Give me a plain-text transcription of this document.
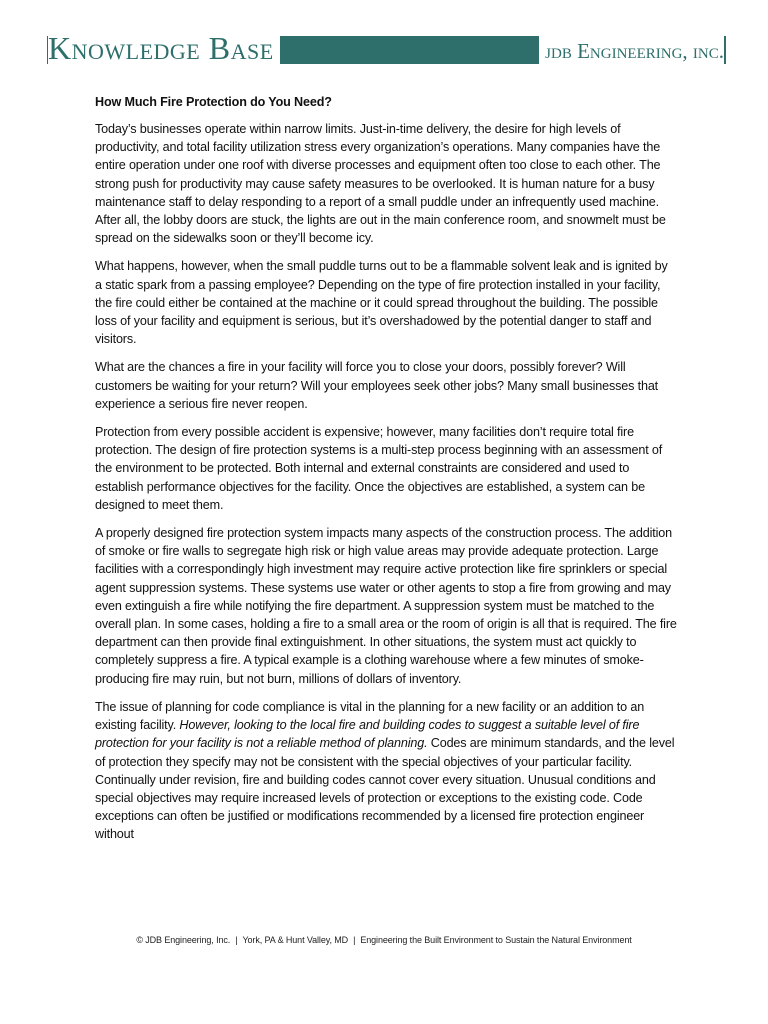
Knowledge Base	jdb Engineering, inc.
How Much Fire Protection do You Need?

Today’s businesses operate within narrow limits. Just-in-time delivery, the desire for high levels of productivity, and total facility utilization stress every organization’s operations. Many companies have the entire operation under one roof with diverse processes and equipment often too close to each other. The strong push for productivity may cause safety measures to be overlooked. It is human nature for a busy maintenance staff to delay responding to a report of a small puddle under an infrequently used machine. After all, the lobby doors are stuck, the lights are out in the main conference room, and snowmelt must be spread on the sidewalks soon or they’ll become icy.

What happens, however, when the small puddle turns out to be a flammable solvent leak and is ignited by a static spark from a passing employee? Depending on the type of fire protection installed in your facility, the fire could either be contained at the machine or it could spread throughout the building. The possible loss of your facility and equipment is serious, but it’s overshadowed by the potential danger to staff and visitors.

What are the chances a fire in your facility will force you to close your doors, possibly forever? Will customers be waiting for your return? Will your employees seek other jobs? Many small businesses that experience a serious fire never reopen.

Protection from every possible accident is expensive; however, many facilities don’t require total fire protection. The design of fire protection systems is a multi-step process beginning with an assessment of the environment to be protected. Both internal and external constraints are considered and used to establish performance objectives for the facility. Once the objectives are established, a system can be designed to meet them.

A properly designed fire protection system impacts many aspects of the construction process. The addition of smoke or fire walls to segregate high risk or high value areas may provide adequate protection. Large facilities with a correspondingly high investment may require active protection like fire sprinklers or special agent suppression systems. These systems use water or other agents to stop a fire from growing and may even extinguish a fire while notifying the fire department. A suppression system must be matched to the overall plan. In some cases, holding a fire to a small area or the room of origin is all that is required. The fire department can then provide final extinguishment. In other situations, the system must act quickly to completely suppress a fire. A typical example is a clothing warehouse where a few minutes of smoke-producing fire may ruin, but not burn, millions of dollars of inventory.

The issue of planning for code compliance is vital in the planning for a new facility or an addition to an existing facility. However, looking to the local fire and building codes to suggest a suitable level of fire protection for your facility is not a reliable method of planning. Codes are minimum standards, and the level of protection they specify may not be consistent with the special objectives of your particular facility. Continually under revision, fire and building codes cannot cover every situation. Unusual conditions and special objectives may require increased levels of protection or exceptions to the existing code. Code exceptions can often be justified or modifications recommended by a licensed fire protection engineer without

© JDB Engineering, Inc. | York, PA & Hunt Valley, MD | Engineering the Built Environment to Sustain the Natural Environment
